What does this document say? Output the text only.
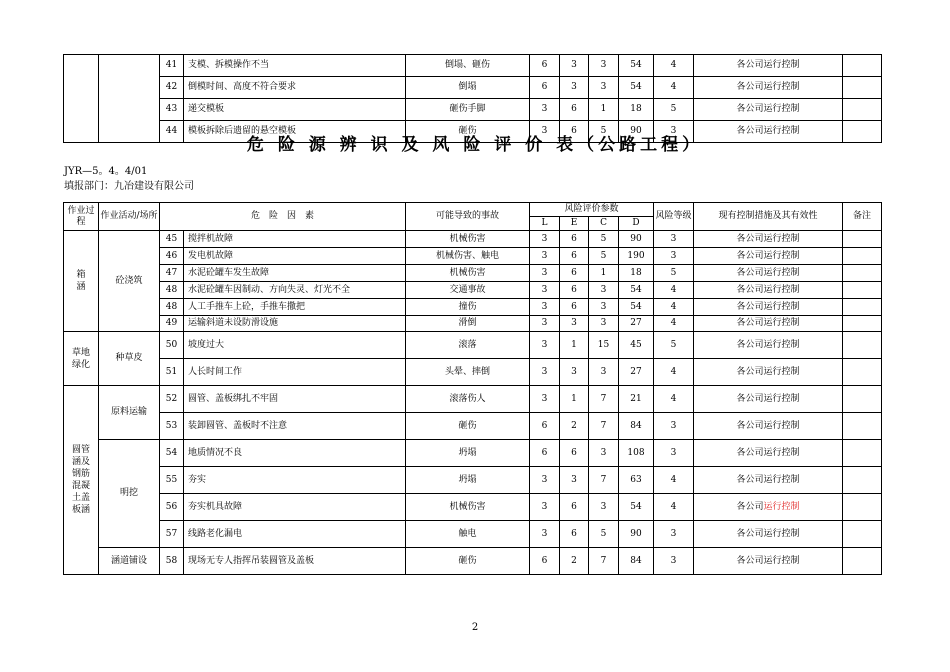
		41	支模、拆模操作不当	倒塌、砸伤	6	3	3	54	4	各公司运行控制	
		42	倒模时间、高度不符合要求	倒塌	6	3	3	54	4	各公司运行控制	
		43	递交模板	砸伤手脚	3	6	1	18	5	各公司运行控制	
		44	模板拆除后遗留的悬空模板	砸伤	3	6	5	90	3	各公司运行控制	
危 险 源 辨 识 及 风 险 评 价 表（公路工程）
JYR—5。4。4/01
填报部门：九冶建设有限公司
作业过程	作业活动/场所	危　险　因　素		可能导致的事故	风险评价参数				风险等级	现有控制措施及其有效性	备注
					L	E	C	D			
箱涵	砼浇筑	45	搅拌机故障	机械伤害	3	6	5	90	3	各公司运行控制	
		46	发电机故障	机械伤害、触电	3	6	5	190	3	各公司运行控制	
		47	水泥砼罐车发生故障	机械伤害	3	6	1	18	5	各公司运行控制	
		48	水泥砼罐车因制动、方向失灵、灯光不全	交通事故	3	6	3	54	4	各公司运行控制	
		48	人工手推车上砼，手推车撒把	撞伤	3	6	3	54	4	各公司运行控制	
		49	运输斜道未设防滑设施	滑倒	3	3	3	27	4	各公司运行控制	
草地绿化	种草皮	50	坡度过大	滚落	3	1	15	45	5	各公司运行控制	
		51	人长时间工作	头晕、摔倒	3	3	3	27	4	各公司运行控制	
圆管涵及钢筋混凝土盖板涵	原料运输	52	圆管、盖板绑扎不牢固	滚落伤人	3	1	7	21	4	各公司运行控制	
		53	装卸圆管、盖板时不注意	砸伤	6	2	7	84	3	各公司运行控制	
	明挖	54	地质情况不良	坍塌	6	6	3	108	3	各公司运行控制	
		55	夯实	坍塌	3	3	7	63	4	各公司运行控制	
		56	夯实机具故障	机械伤害	3	6	3	54	4	各公司运行控制	
		57	线路老化漏电	触电	3	6	5	90	3	各公司运行控制	
	涵道铺设	58	现场无专人指挥吊装圆管及盖板	砸伤	6	2	7	84	3	各公司运行控制	
2
